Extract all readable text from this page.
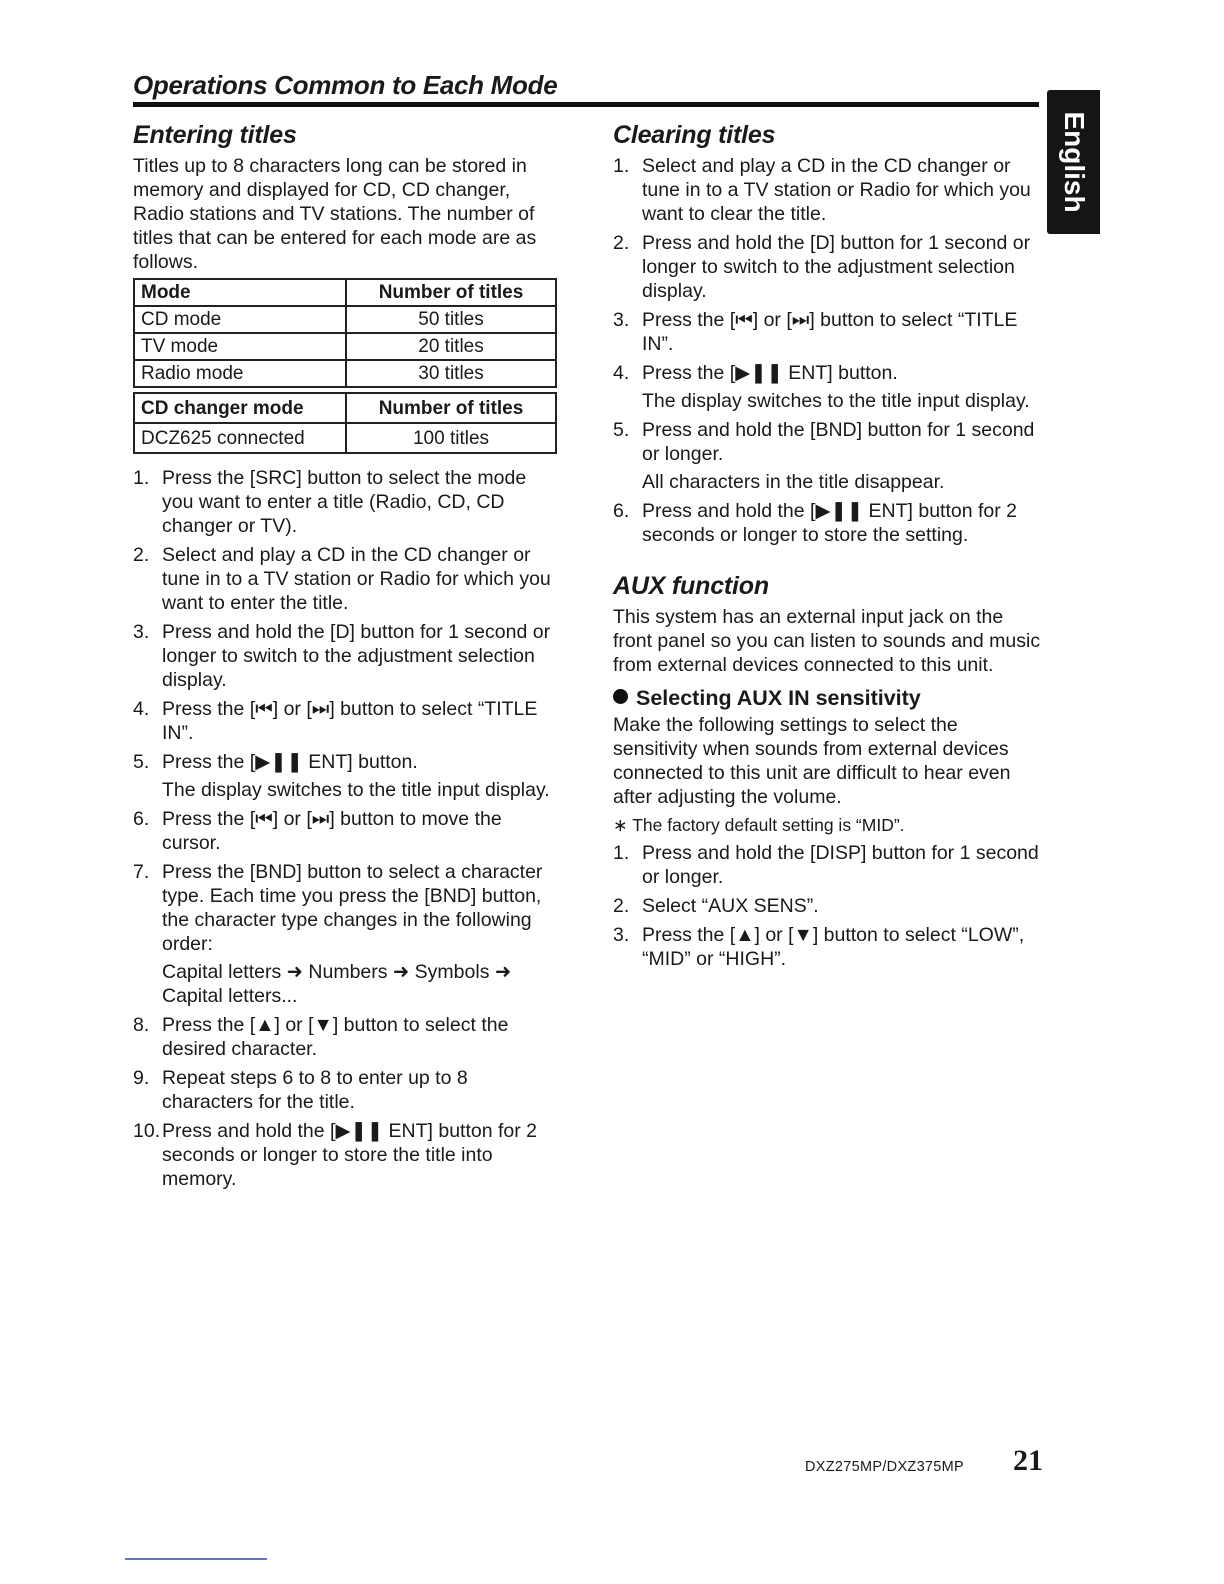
Operations Common to Each Mode
English
Entering titles

Titles up to 8 characters long can be stored in memory and displayed for CD, CD changer, Radio stations and TV stations. The number of titles that can be entered for each mode are as follows.

Mode	Number of titles
CD mode	50 titles
TV mode	20 titles
Radio mode	30 titles
CD changer mode	Number of titles
DCZ625 connected	100 titles
1. Press the [SRC] button to select the mode you want to enter a title (Radio, CD, CD changer or TV).
2. Select and play a CD in the CD changer or tune in to a TV station or Radio for which you want to enter the title.
3. Press and hold the [D] button for 1 second or longer to switch to the adjustment selection display.
4. Press the [⏮] or [⏭] button to select “TITLE IN”.
5. Press the [▶❚❚ ENT] button.
The display switches to the title input display.
6. Press the [⏮] or [⏭] button to move the cursor.
7. Press the [BND] button to select a character type. Each time you press the [BND] button, the character type changes in the following order:
Capital letters ➜ Numbers ➜ Symbols ➜ Capital letters...
8. Press the [▲] or [▼] button to select the desired character.
9. Repeat steps 6 to 8 to enter up to 8 characters for the title.
10. Press and hold the [▶❚❚ ENT] button for 2 seconds or longer to store the title into memory.
Clearing titles
1. Select and play a CD in the CD changer or tune in to a TV station or Radio for which you want to clear the title.
2. Press and hold the [D] button for 1 second or longer to switch to the adjustment selection display.
3. Press the [⏮] or [⏭] button to select “TITLE IN”.
4. Press the [▶❚❚ ENT] button.
The display switches to the title input display.
5. Press and hold the [BND] button for 1 second or longer.
All characters in the title disappear.
6. Press and hold the [▶❚❚ ENT] button for 2 seconds or longer to store the setting.
AUX function

This system has an external input jack on the front panel so you can listen to sounds and music from external devices connected to this unit.

Selecting AUX IN sensitivity

Make the following settings to select the sensitivity when sounds from external devices connected to this unit are difficult to hear even after adjusting the volume.

∗ The factory default setting is “MID”.

1. Press and hold the [DISP] button for 1 second or longer.
2. Select “AUX SENS”.
3. Press the [▲] or [▼] button to select “LOW”, “MID” or “HIGH”.
DXZ275MP/DXZ375MP 21
